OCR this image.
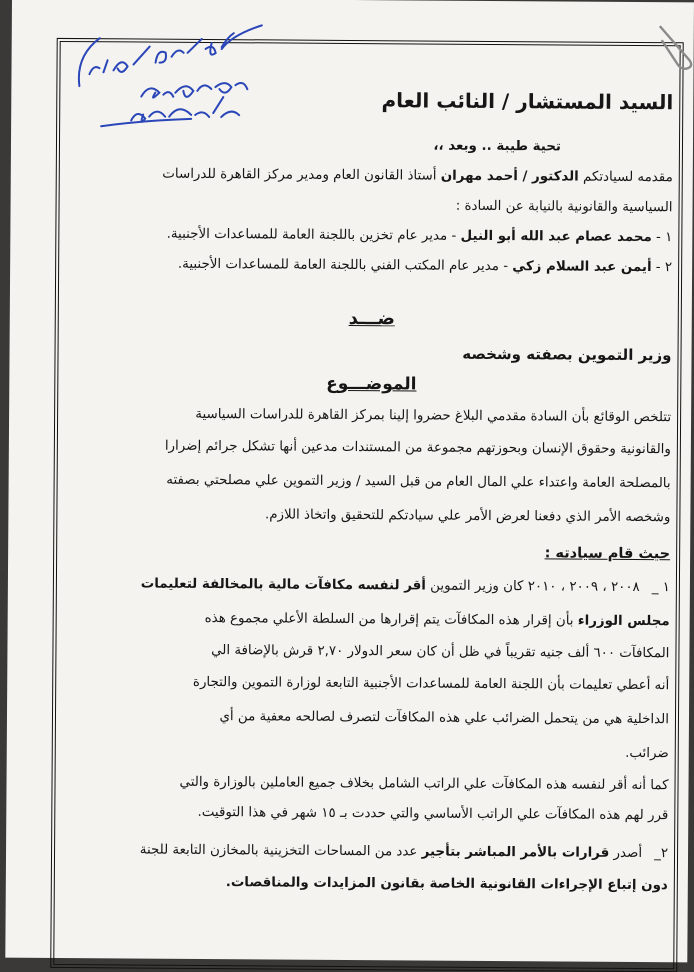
السيد المستشار / النائب العام
تحية طيبة .. وبعد ،،
مقدمه لسيادتكم الدكتور / أحمد مهران أستاذ القانون العام ومدير مركز القاهرة للدراسات
السياسية والقانونية بالنيابة عن السادة :
١ - محمد عصام عبد الله أبو النيل - مدير عام تخزين باللجنة العامة للمساعدات الأجنبية.
٢ - أيمن عبد السلام زكي - مدير عام المكتب الفني باللجنة العامة للمساعدات الأجنبية.
ضـــد
وزير التموين بصفته وشخصه
الموضـــوع
تتلخص الوقائع بأن السادة مقدمي البلاغ حضروا إلينا بمركز القاهرة للدراسات السياسية
والقانونية وحقوق الإنسان وبحوزتهم مجموعة من المستندات مدعين أنها تشكل جرائم إضرارا
بالمصلحة العامة واعتداء علي المال العام من قبل السيد / وزير التموين علي مصلحتي بصفته
وشخصه الأمر الذي دفعنا لعرض الأمر علي سيادتكم للتحقيق واتخاذ اللازم.
حيث قام سيادته :
١ _٢٠٠٨ ، ٢٠٠٩ ، ٢٠١٠ كان وزير التموين أقر لنفسه مكافآت مالية بالمخالفة لتعليمات
مجلس الوزراء بأن إقرار هذه المكافآت يتم إقرارها من السلطة الأعلي مجموع هذه
المكافآت ٦٠٠ ألف جنيه تقريباً في ظل أن كان سعر الدولار ٢,٧٠ قرش بالإضافة الي
أنه أعطي تعليمات بأن اللجنة العامة للمساعدات الأجنبية التابعة لوزارة التموين والتجارة
الداخلية هي من يتحمل الضرائب علي هذه المكافآت لتصرف لصالحه معفية من أي
ضرائب.
كما أنه أقر لنفسه هذه المكافآت علي الراتب الشامل بخلاف جميع العاملين بالوزارة والتي
قرر لهم هذه المكافآت علي الراتب الأساسي والتي حددت بـ ١٥ شهر في هذا التوقيت.
٢_أصدر قرارات بالأمر المباشر بتأجير عدد من المساحات التخزينية بالمخازن التابعة للجنة
دون إتباع الإجراءات القانونية الخاصة بقانون المزايدات والمناقصات.
